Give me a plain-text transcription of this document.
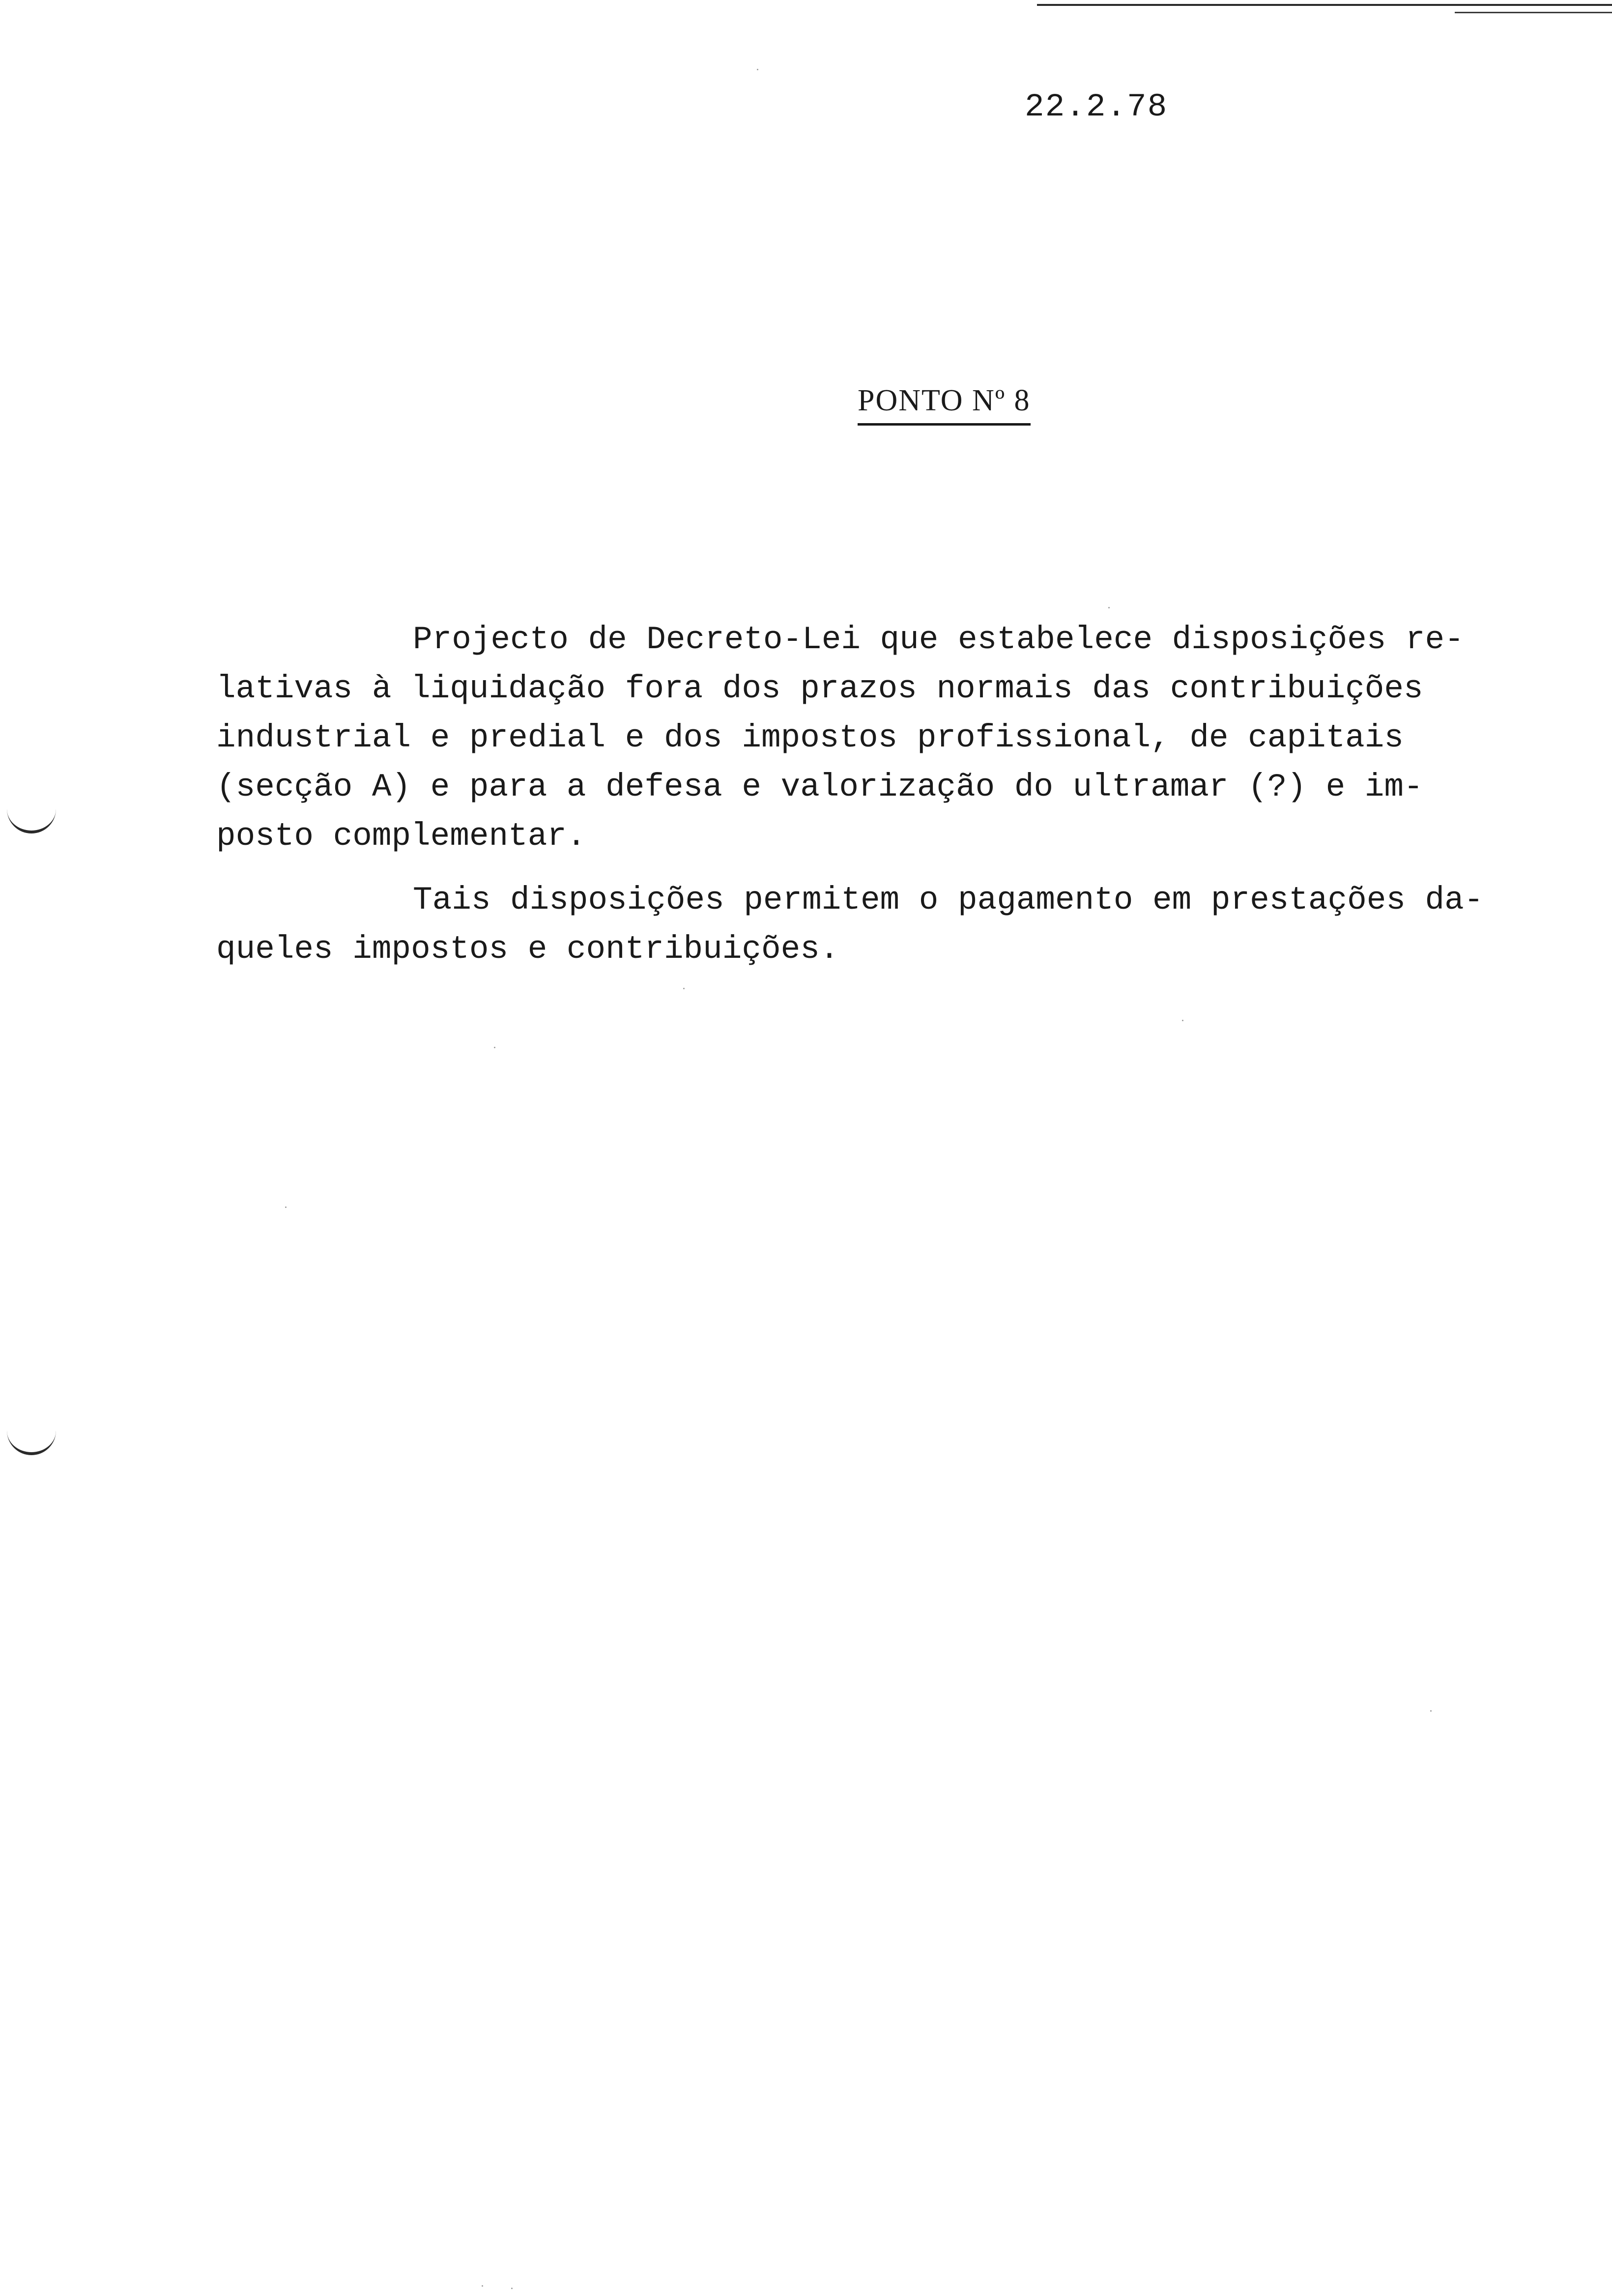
22.2.78
PONTO Nº 8

Projecto de Decreto-Lei que estabelece disposições re-

lativas à liquidação fora dos prazos normais das contribuições

industrial e predial e dos impostos profissional, de capitais

(secção A) e para a defesa e valorização do ultramar (?) e im-

posto complementar.

Tais disposições permitem o pagamento em prestações da-

queles impostos e contribuições.
